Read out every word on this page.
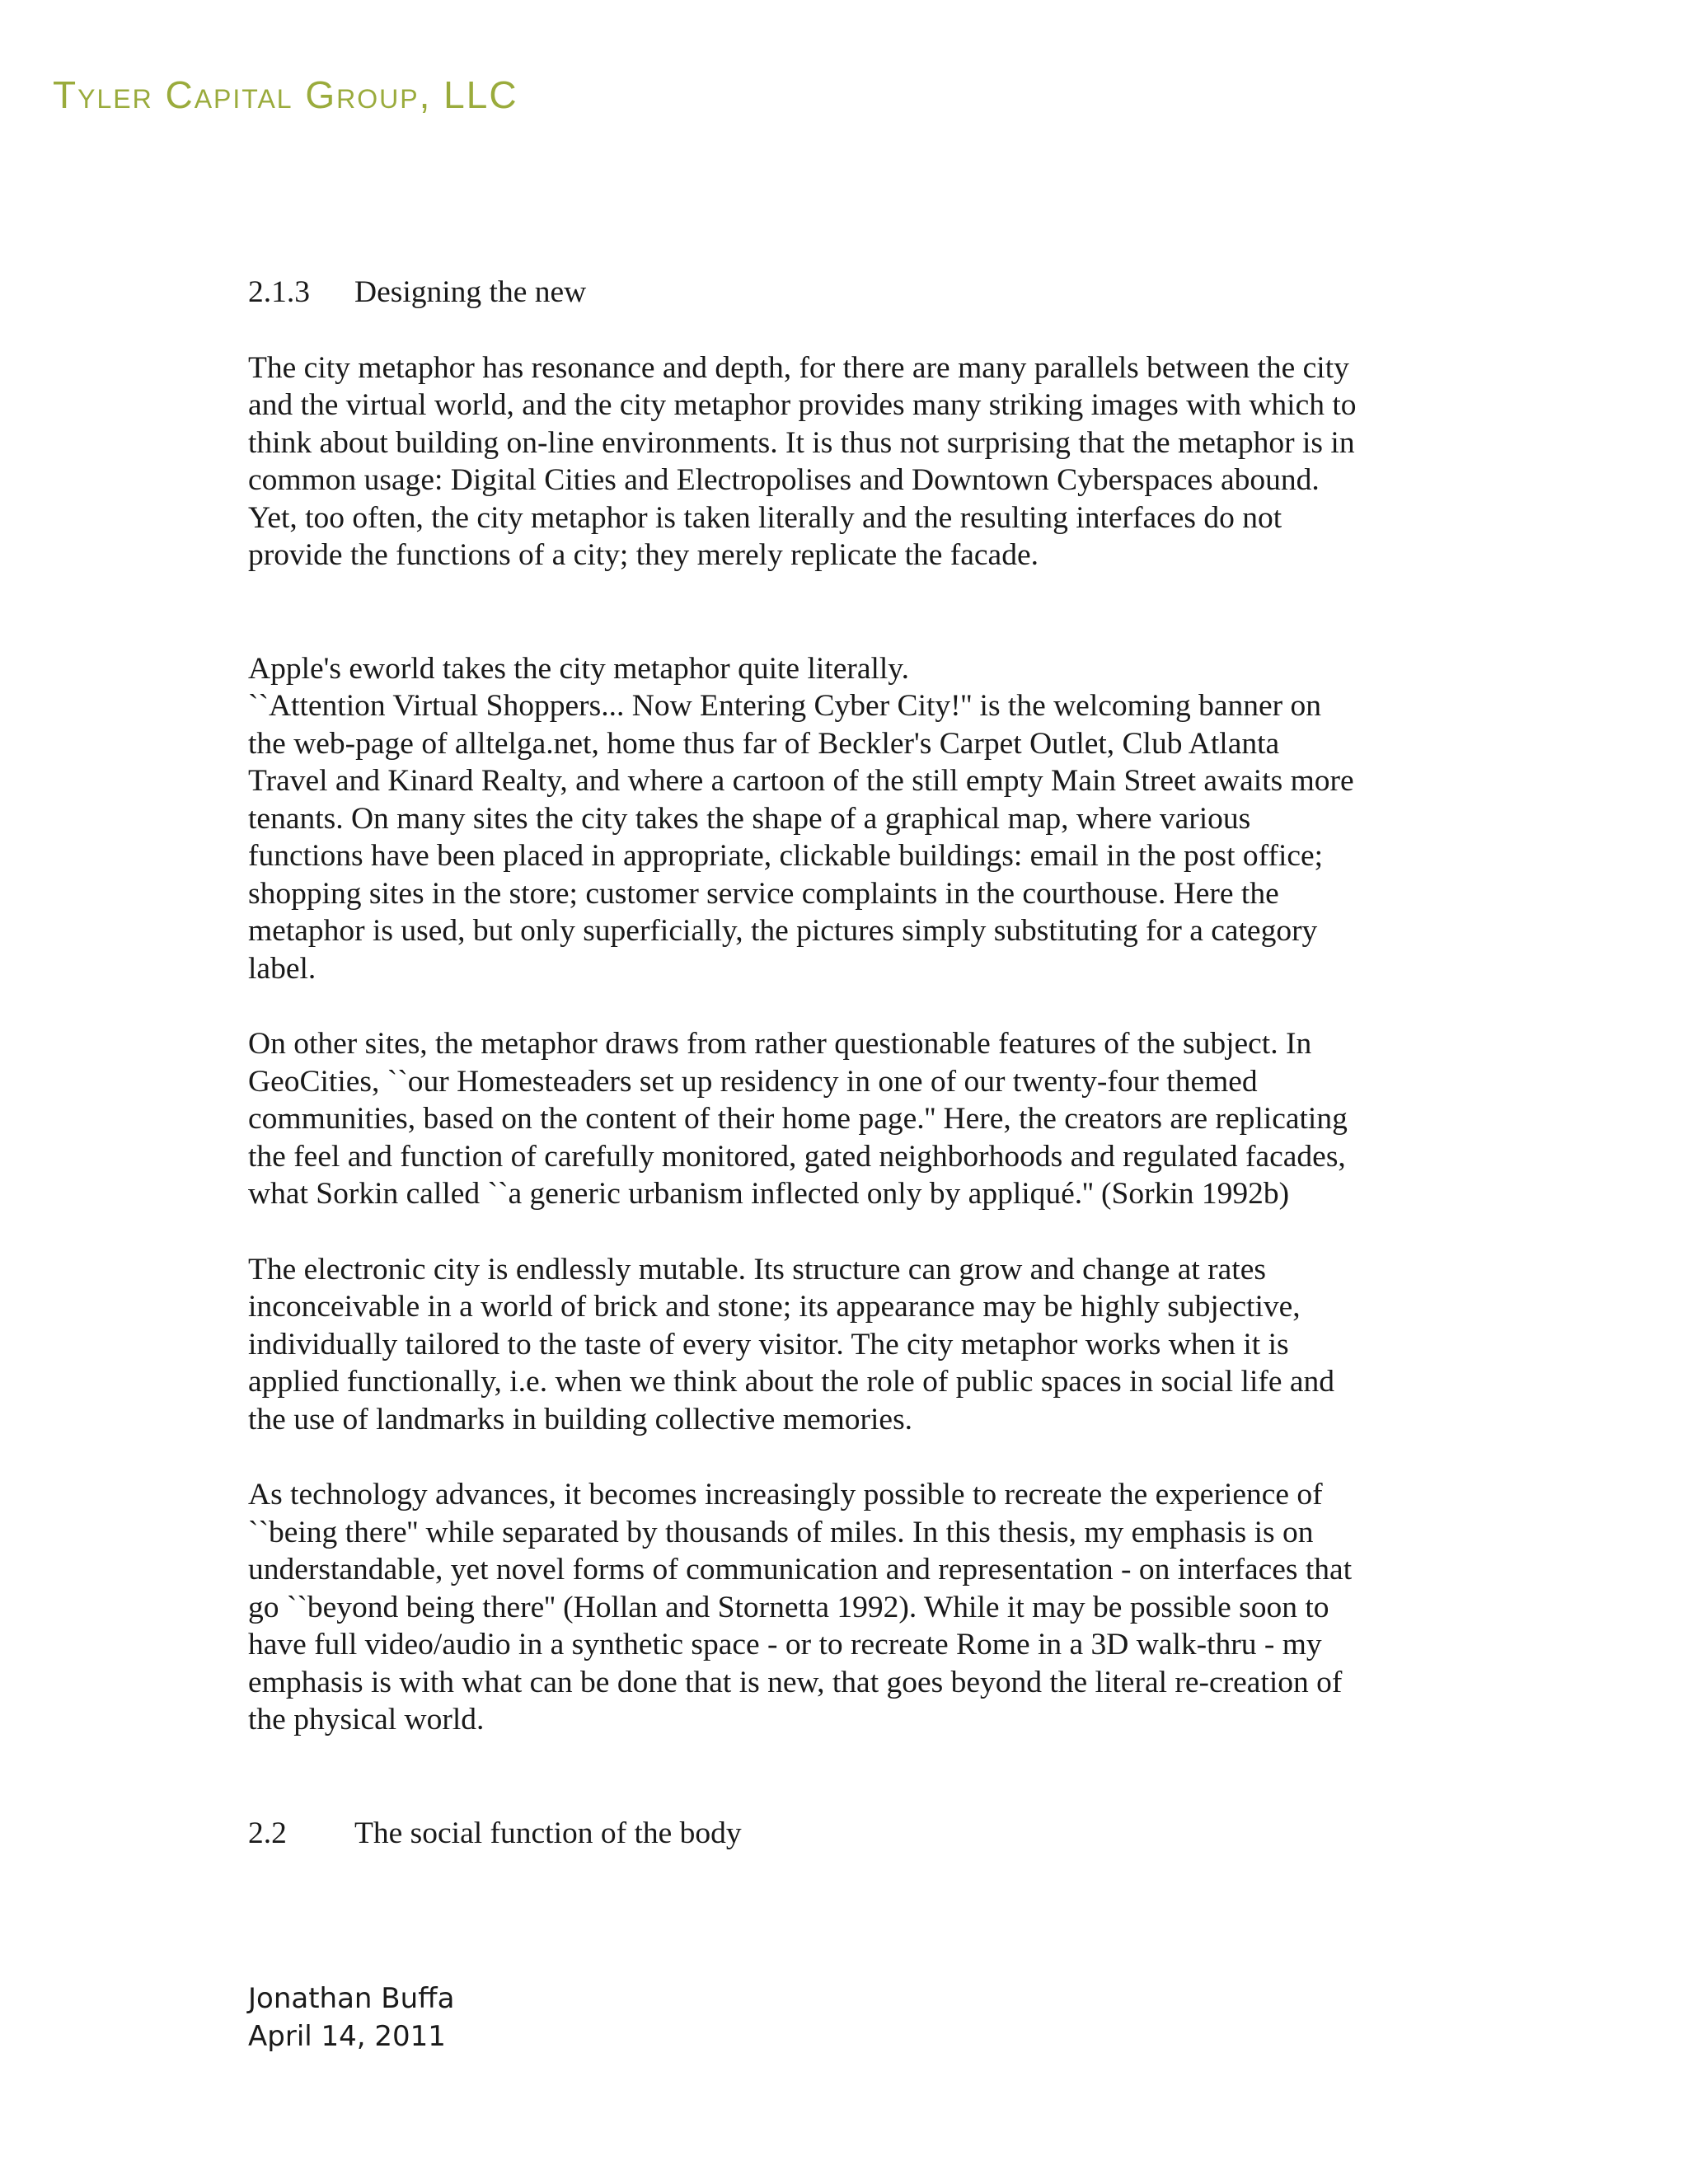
Tyler Capital Group, LLC
2.1.3	Designing the new

The city metaphor has resonance and depth, for there are many parallels between the city
and the virtual world, and the city metaphor provides many striking images with which to
think about building on-line environments. It is thus not surprising that the metaphor is in
common usage: Digital Cities and Electropolises and Downtown Cyberspaces abound.
Yet, too often, the city metaphor is taken literally and the resulting interfaces do not
provide the functions of a city; they merely replicate the facade.

Apple's eworld takes the city metaphor quite literally.
``Attention Virtual Shoppers... Now Entering Cyber City!'' is the welcoming banner on
the web-page of alltelga.net, home thus far of Beckler's Carpet Outlet, Club Atlanta
Travel and Kinard Realty, and where a cartoon of the still empty Main Street awaits more
tenants. On many sites the city takes the shape of a graphical map, where various
functions have been placed in appropriate, clickable buildings: email in the post office;
shopping sites in the store; customer service complaints in the courthouse. Here the
metaphor is used, but only superficially, the pictures simply substituting for a category
label.

On other sites, the metaphor draws from rather questionable features of the subject. In
GeoCities, ``our Homesteaders set up residency in one of our twenty-four themed
communities, based on the content of their home page.'' Here, the creators are replicating
the feel and function of carefully monitored, gated neighborhoods and regulated facades,
what Sorkin called ``a generic urbanism inflected only by appliqué.'' (Sorkin 1992b)

The electronic city is endlessly mutable. Its structure can grow and change at rates
inconceivable in a world of brick and stone; its appearance may be highly subjective,
individually tailored to the taste of every visitor. The city metaphor works when it is
applied functionally, i.e. when we think about the role of public spaces in social life and
the use of landmarks in building collective memories.

As technology advances, it becomes increasingly possible to recreate the experience of
``being there'' while separated by thousands of miles. In this thesis, my emphasis is on
understandable, yet novel forms of communication and representation - on interfaces that
go ``beyond being there'' (Hollan and Stornetta 1992). While it may be possible soon to
have full video/audio in a synthetic space - or to recreate Rome in a 3D walk-thru - my
emphasis is with what can be done that is new, that goes beyond the literal re-creation of
the physical world.

2.2	The social function of the body
Jonathan Buffa
April 14, 2011
